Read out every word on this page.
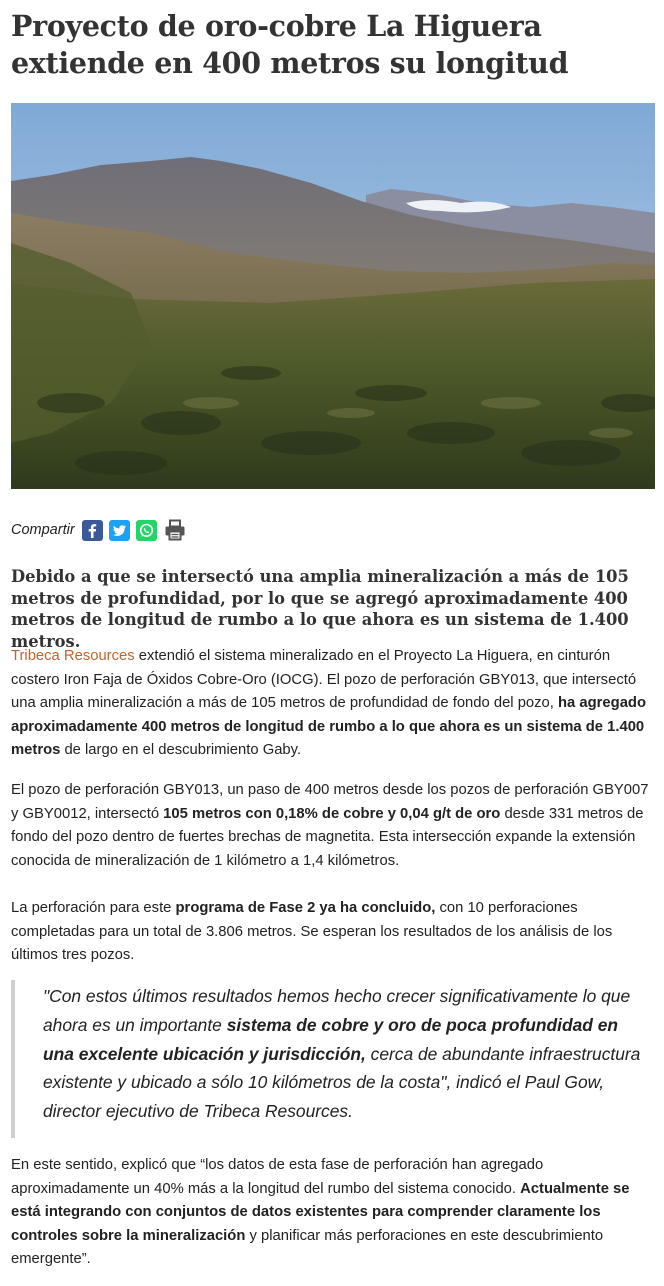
Proyecto de oro-cobre La Higuera
extiende en 400 metros su longitud
Compartir

Debido a que se intersectó una amplia mineralización a más de 105 metros de profundidad, por lo que se agregó aproximadamente 400 metros de longitud de rumbo a lo que ahora es un sistema de 1.400 metros.

Tribeca Resources extendió el sistema mineralizado en el Proyecto La Higuera, en cinturón costero Iron Faja de Óxidos Cobre-Oro (IOCG). El pozo de perforación GBY013, que intersectó una amplia mineralización a más de 105 metros de profundidad de fondo del pozo, ha agregado aproximadamente 400 metros de longitud de rumbo a lo que ahora es un sistema de 1.400 metros de largo en el descubrimiento Gaby.

El pozo de perforación GBY013, un paso de 400 metros desde los pozos de perforación GBY007 y GBY0012, intersectó 105 metros con 0,18% de cobre y 0,04 g/t de oro desde 331 metros de fondo del pozo dentro de fuertes brechas de magnetita. Esta intersección expande la extensión conocida de mineralización de 1 kilómetro a 1,4 kilómetros.

La perforación para este programa de Fase 2 ya ha concluido, con 10 perforaciones completadas para un total de 3.806 metros. Se esperan los resultados de los análisis de los últimos tres pozos.

"Con estos últimos resultados hemos hecho crecer significativamente lo que ahora es un importante sistema de cobre y oro de poca profundidad en una excelente ubicación y jurisdicción, cerca de abundante infraestructura existente y ubicado a sólo 10 kilómetros de la costa", indicó el Paul Gow, director ejecutivo de Tribeca Resources.

En este sentido, explicó que “los datos de esta fase de perforación han agregado aproximadamente un 40% más a la longitud del rumbo del sistema conocido. Actualmente se está integrando con conjuntos de datos existentes para comprender claramente los controles sobre la mineralización y planificar más perforaciones en este descubrimiento emergente”.
